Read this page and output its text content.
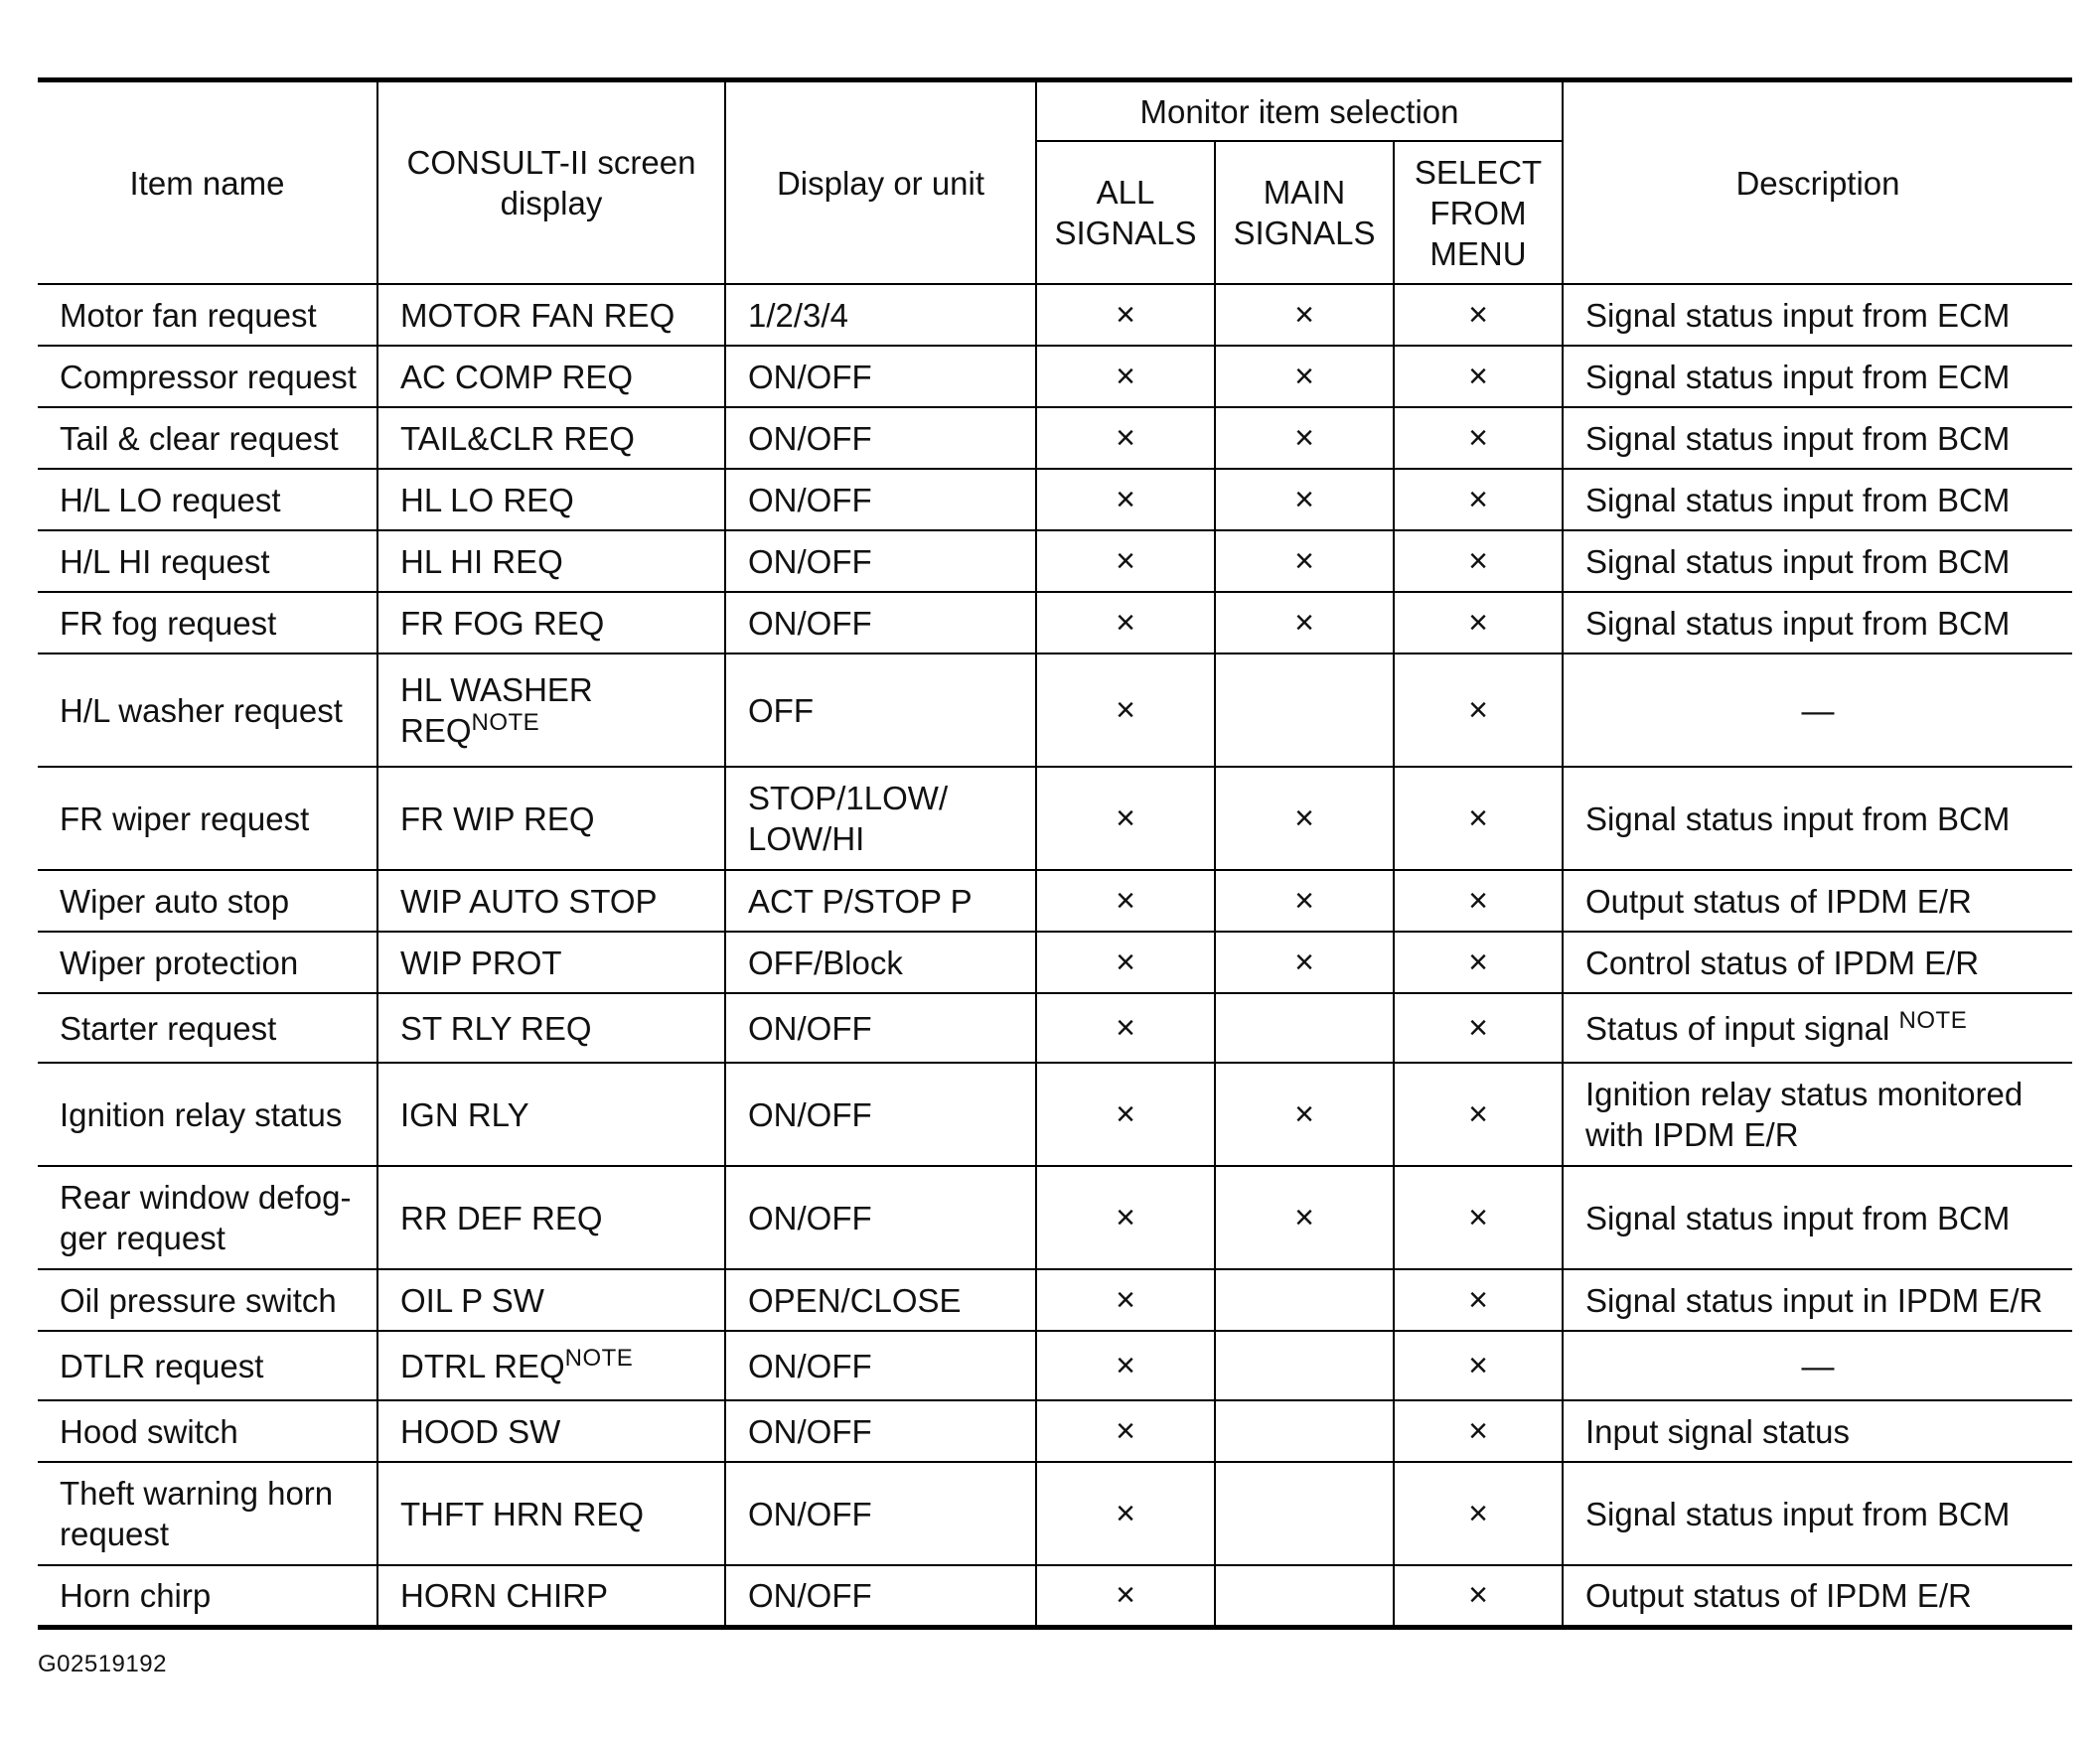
Item name	CONSULT-II screen display	Display or unit	Monitor item selection			Description
			ALL SIGNALS	MAIN SIGNALS	SELECT FROM MENU	
Motor fan request	MOTOR FAN REQ	1/2/3/4	×	×	×	Signal status input from ECM
Compressor request	AC COMP REQ	ON/OFF	×	×	×	Signal status input from ECM
Tail & clear request	TAIL&CLR REQ	ON/OFF	×	×	×	Signal status input from BCM
H/L LO request	HL LO REQ	ON/OFF	×	×	×	Signal status input from BCM
H/L HI request	HL HI REQ	ON/OFF	×	×	×	Signal status input from BCM
FR fog request	FR FOG REQ	ON/OFF	×	×	×	Signal status input from BCM
H/L washer request	HL WASHER REQ$^{NOTE}$	OFF	×		×	—
FR wiper request	FR WIP REQ	STOP/1LOW/ LOW/HI	×	×	×	Signal status input from BCM
Wiper auto stop	WIP AUTO STOP	ACT P/STOP P	×	×	×	Output status of IPDM E/R
Wiper protection	WIP PROT	OFF/Block	×	×	×	Control status of IPDM E/R
Starter request	ST RLY REQ	ON/OFF	×		×	Status of input signal $^{NOTE}$
Ignition relay status	IGN RLY	ON/OFF	×	×	×	Ignition relay status monitored with IPDM E/R
Rear window defog-ger request	RR DEF REQ	ON/OFF	×	×	×	Signal status input from BCM
Oil pressure switch	OIL P SW	OPEN/CLOSE	×		×	Signal status input in IPDM E/R
DTLR request	DTRL REQ$^{NOTE}$	ON/OFF	×		×	—
Hood switch	HOOD SW	ON/OFF	×		×	Input signal status
Theft warning horn request	THFT HRN REQ	ON/OFF	×		×	Signal status input from BCM
Horn chirp	HORN CHIRP	ON/OFF	×		×	Output status of IPDM E/R
G02519192
